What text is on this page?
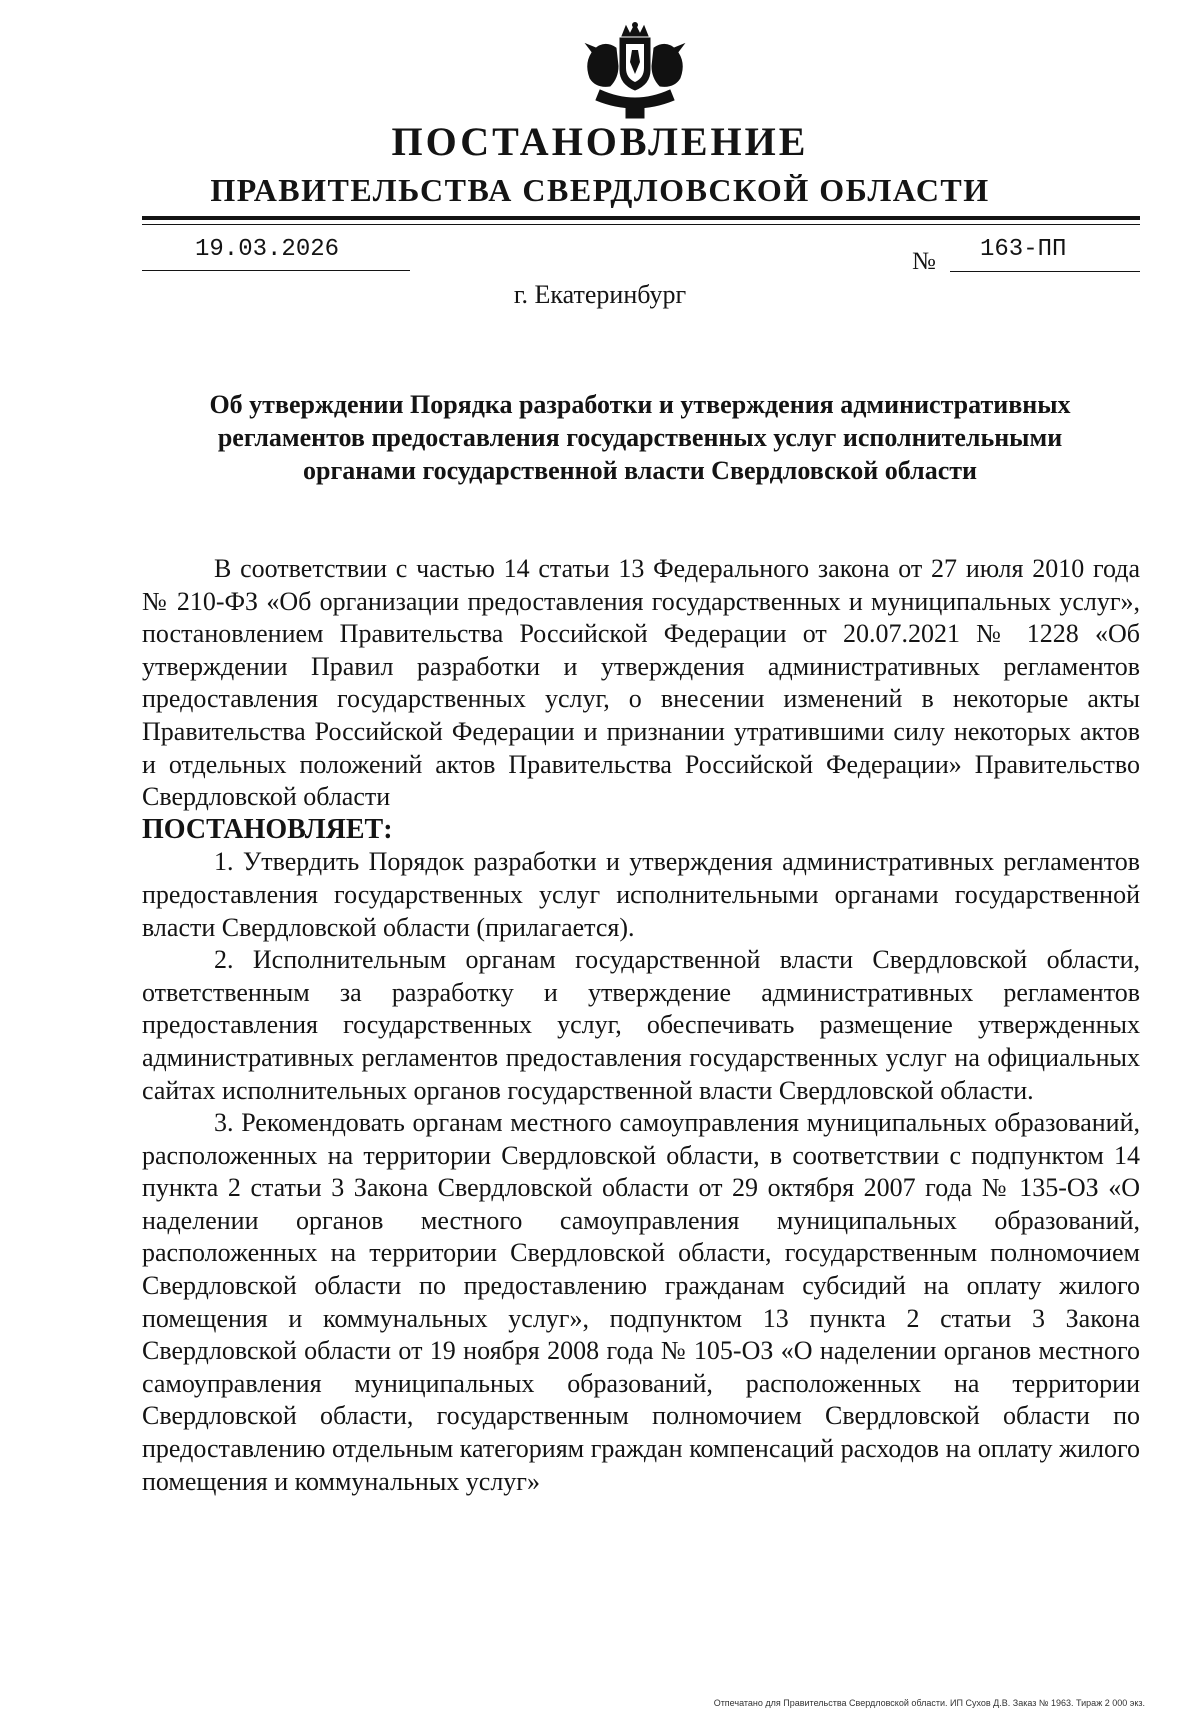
ПОСТАНОВЛЕНИЕ
ПРАВИТЕЛЬСТВА СВЕРДЛОВСКОЙ ОБЛАСТИ
19.03.2026	№ 163-ПП
г. Екатеринбург
Об утверждении Порядка разработки и утверждения административных регламентов предоставления государственных услуг исполнительными органами государственной власти Свердловской области

В соответствии с частью 14 статьи 13 Федерального закона от 27 июля 2010 года № 210-ФЗ «Об организации предоставления государственных и муниципальных услуг», постановлением Правительства Российской Федерации от 20.07.2021 № 1228 «Об утверждении Правил разработки и утверждения административных регламентов предоставления государственных услуг, о внесении изменений в некоторые акты Правительства Российской Федерации и признании утратившими силу некоторых актов и отдельных положений актов Правительства Российской Федерации» Правительство Свердловской области

ПОСТАНОВЛЯЕТ:

1. Утвердить Порядок разработки и утверждения административных регламентов предоставления государственных услуг исполнительными органами государственной власти Свердловской области (прилагается).

2. Исполнительным органам государственной власти Свердловской области, ответственным за разработку и утверждение административных регламентов предоставления государственных услуг, обеспечивать размещение утвержденных административных регламентов предоставления государственных услуг на официальных сайтах исполнительных органов государственной власти Свердловской области.

3. Рекомендовать органам местного самоуправления муниципальных образований, расположенных на территории Свердловской области, в соответствии с подпунктом 14 пункта 2 статьи 3 Закона Свердловской области от 29 октября 2007 года № 135-ОЗ «О наделении органов местного самоуправления муниципальных образований, расположенных на территории Свердловской области, государственным полномочием Свердловской области по предоставлению гражданам субсидий на оплату жилого помещения и коммунальных услуг», подпунктом 13 пункта 2 статьи 3 Закона Свердловской области от 19 ноября 2008 года № 105-ОЗ «О наделении органов местного самоуправления муниципальных образований, расположенных на территории Свердловской области, государственным полномочием Свердловской области по предоставлению отдельным категориям граждан компенсаций расходов на оплату жилого помещения и коммунальных услуг»

Отпечатано для Правительства Свердловской области. ИП Сухов Д.В. Заказ № 1963. Тираж 2 000 экз.
